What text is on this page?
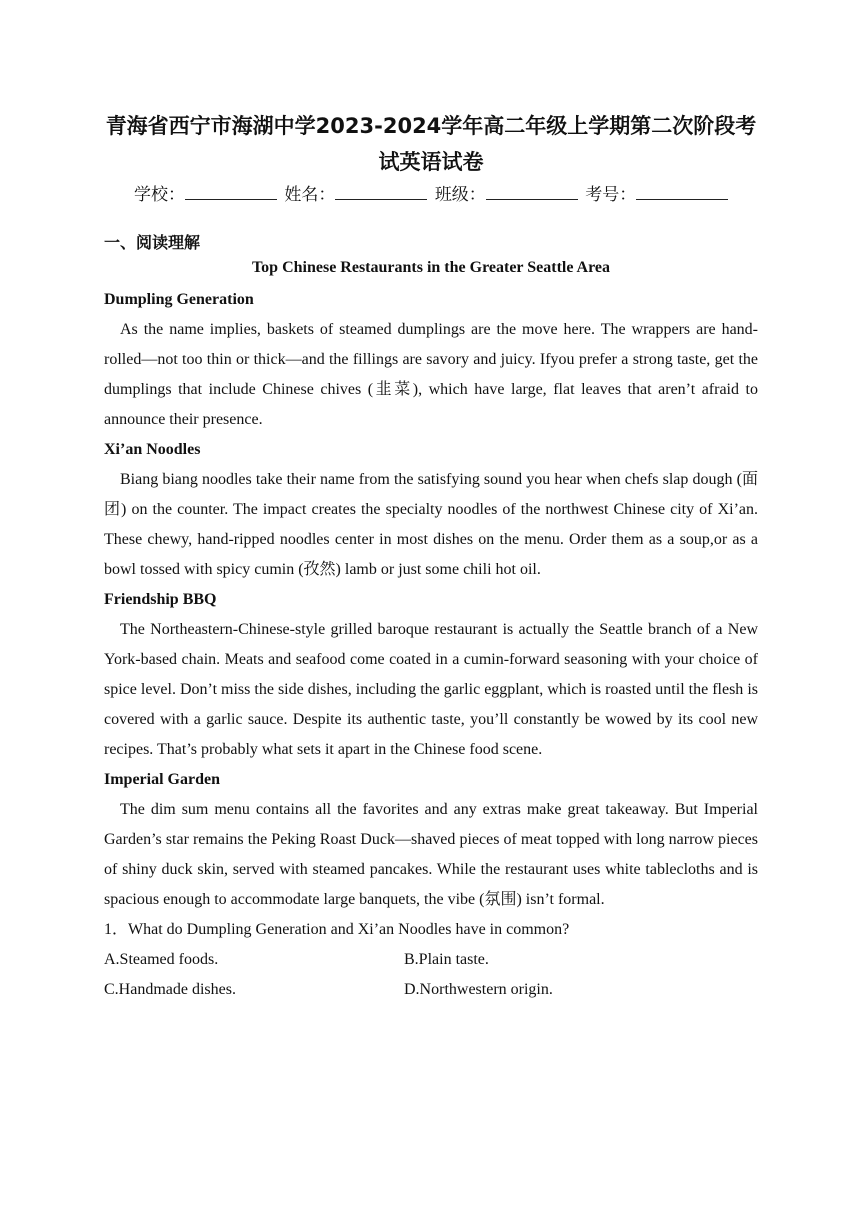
青海省西宁市海湖中学2023-2024学年高二年级上学期第二次阶段考试英语试卷
学校：	姓名：	班级：	考号：
一、阅读理解
Top Chinese Restaurants in the Greater Seattle Area

Dumpling Generation

As the name implies, baskets of steamed dumplings are the move here. The wrappers are hand-rolled—not too thin or thick—and the fillings are savory and juicy. Ifyou prefer a strong taste, get the dumplings that include Chinese chives (韭菜), which have large, flat leaves that aren’t afraid to announce their presence.

Xi’an Noodles

Biang biang noodles take their name from the satisfying sound you hear when chefs slap dough (面团) on the counter. The impact creates the specialty noodles of the northwest Chinese city of Xi’an. These chewy, hand-ripped noodles center in most dishes on the menu. Order them as a soup,or as a bowl tossed with spicy cumin (孜然) lamb or just some chili hot oil.

Friendship BBQ

The Northeastern-Chinese-style grilled baroque restaurant is actually the Seattle branch of a New York-based chain. Meats and seafood come coated in a cumin-forward seasoning with your choice of spice level. Don’t miss the side dishes, including the garlic eggplant, which is roasted until the flesh is covered with a garlic sauce. Despite its authentic taste, you’ll constantly be wowed by its cool new recipes. That’s probably what sets it apart in the Chinese food scene.

Imperial Garden

The dim sum menu contains all the favorites and any extras make great takeaway. But Imperial Garden’s star remains the Peking Roast Duck—shaved pieces of meat topped with long narrow pieces of shiny duck skin, served with steamed pancakes. While the restaurant uses white tablecloths and is spacious enough to accommodate large banquets, the vibe (氛围) isn’t formal.

1．What do Dumpling Generation and Xi’an Noodles have in common?

A.Steamed foods.	B.Plain taste.
C.Handmade dishes.	D.Northwestern origin.
